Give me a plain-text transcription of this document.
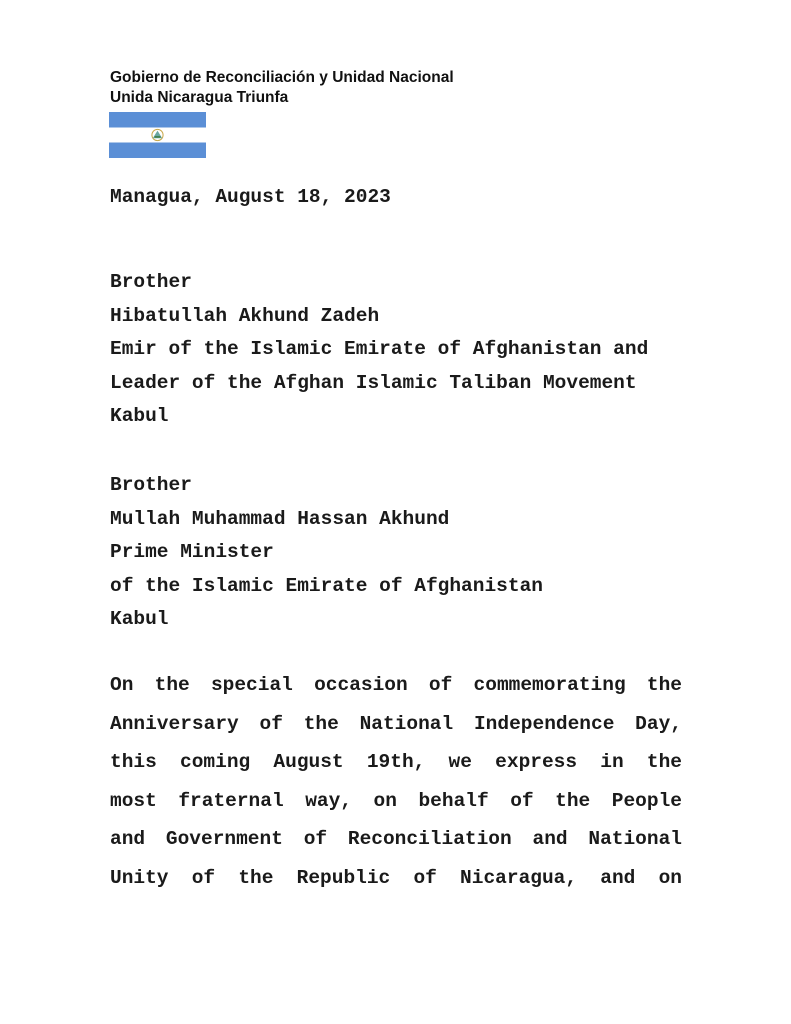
Gobierno de Reconciliación y Unidad Nacional
Unida Nicaragua Triunfa
Managua, August 18, 2023
Brother
Hibatullah Akhund Zadeh
Emir of the Islamic Emirate of Afghanistan and
Leader of the Afghan Islamic Taliban Movement
Kabul
Brother
Mullah Muhammad Hassan Akhund
Prime Minister
of the Islamic Emirate of Afghanistan
Kabul
On the special occasion of commemorating the
Anniversary of the National Independence Day,
this coming August 19th, we express in the
most fraternal way, on behalf of the People
and Government of Reconciliation and National
Unity of the Republic of Nicaragua, and on
